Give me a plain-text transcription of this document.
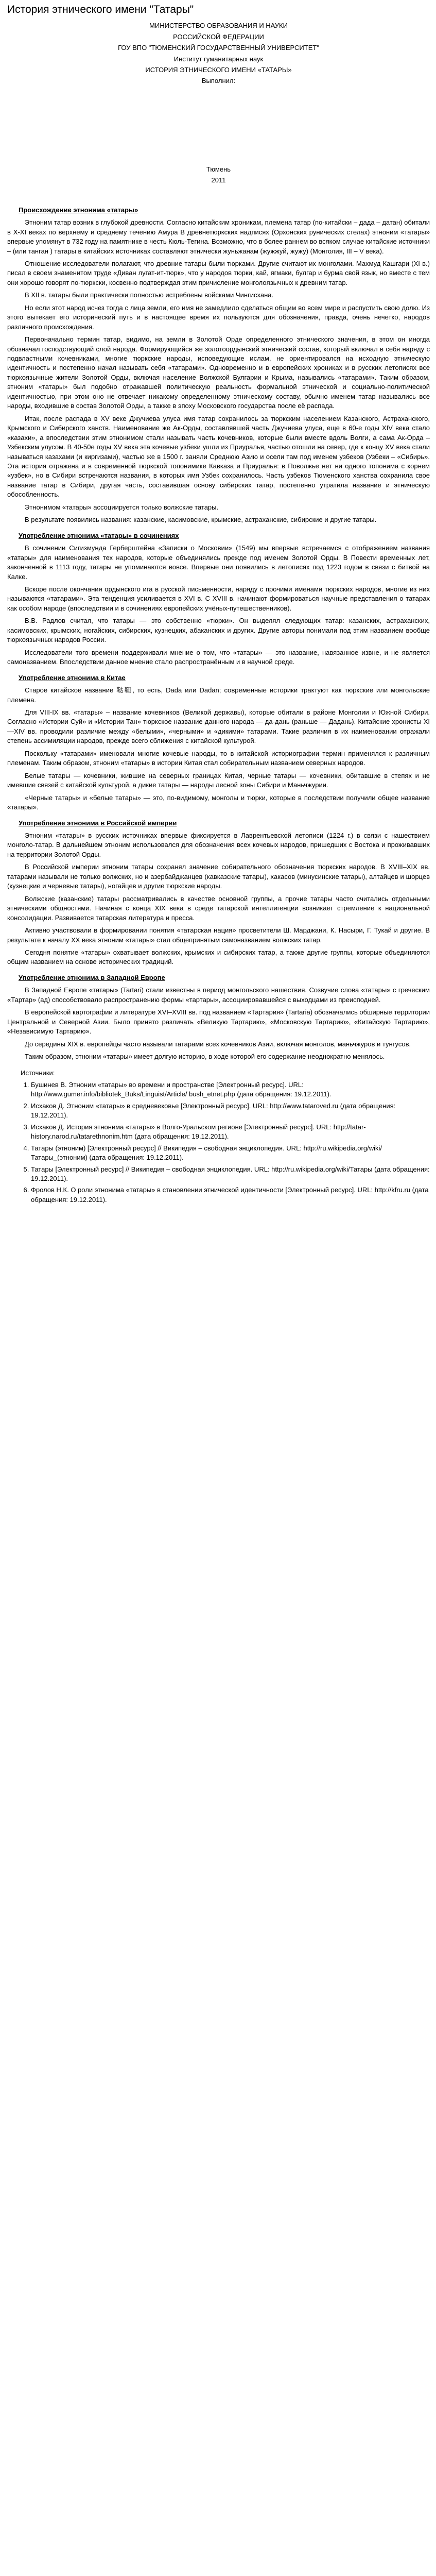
История этнического имени "Татары"
МИНИСТЕРСТВО ОБРАЗОВАНИЯ И НАУКИ
РОССИЙСКОЙ ФЕДЕРАЦИИ
ГОУ ВПО "ТЮМЕНСКИЙ ГОСУДАРСТВЕННЫЙ УНИВЕРСИТЕТ"
Институт гуманитарных наук
ИСТОРИЯ ЭТНИЧЕСКОГО ИМЕНИ «ТАТАРЫ»
Выполнил:
Тюмень
2011
Происхождение этнонима «татары»

Этноним татар возник в глубокой древности. Согласно китайским хроникам, племена татар (по-китайски – дада – датан) обитали в X-XI веках по верхнему и среднему течению Амура В древнетюркских надписях (Орхонских рунических стелах) этноним «татары» впервые упомянут в 732 году на памятнике в честь Кюль-Тегина. Возможно, что в более раннем во всяком случае китайские источники – (или танган ) татары в китайских источниках составляют этнически жуньжанам (жужжуй, жужу) (Монголия, III – V века).

Отношение исследователи полагают, что древние татары были тюрками. Другие считают их монголами. Махмуд Кашгари (XI в.) писал в своем знаменитом труде «Диван лугат-ит-тюрк», что у народов тюрки, кай, ягмаки, булгар и бурма свой язык, но вместе с тем они хорошо говорят по-тюркски, косвенно подтверждая этим причисление монголоязычных к древним татар.

В XII в. татары были практически полностью истреблены войсками Чингисхана.

Но если этот народ исчез тогда с лица земли, его имя не замедлило сделаться общим во всем мире и распустить свою долю. Из этого вытекает его исторический путь и в настоящее время их пользуются для обозначения, правда, очень нечетко, народов различного происхождения.

Первоначально термин татар, видимо, на земли в Золотой Орде определенного этнического значения, в этом он иногда обозначал господствующий слой народа. Формирующийся же золотоордынский этнический состав, который включал в себя наряду с подвластными кочевниками, многие тюркские народы, исповедующие ислам, не ориентировался на исходную этническую идентичность и постепенно начал называть себя «татарами». Одновременно и в европейских хрониках и в русских летописях все тюркоязычные жители Золотой Орды, включая население Волжской Булгарии и Крыма, назывались «татарами». Таким образом, этноним «татары» был подобно отражавшей политическую реальность формальной этнической и социально-политической идентичностью, при этом оно не отвечает никакому определенному этническому составу, обычно именем татар назывались все народы, входившие в состав Золотой Орды, а также в эпоху Московского государства после её распада.

Итак, после распада в XV веке Джучиева улуса имя татар сохранилось за тюркским населением Казанского, Астраханского, Крымского и Сибирского ханств. Наименование же Ак-Орды, составлявшей часть Джучиева улуса, еще в 60-е годы XIV века стало «казахи», а впоследствии этим этнонимом стали называть часть кочевников, которые были вместе вдоль Волги, а сама Ак-Орда – Узбекским улусом. В 40-50е годы XV века эта кочевые узбеки ушли из Приуралья, частью отошли на север, где к концу XV века стали называться казахами (и киргизами), частью же в 1500 г. заняли Среднюю Азию и осели там под именем узбеков (Узбеки – «Сибирь». Эта история отражена и в современной тюркской топонимике Кавказа и Приуралья: в Поволжье нет ни одного топонима с корнем «узбек», но в Сибири встречаются названия, в которых имя Узбек сохранилось. Часть узбеков Тюменского ханства сохранила свое название татар в Сибири, другая часть, составившая основу сибирских татар, постепенно утратила название и этническую обособленность.

Этнонимом «татары» ассоциируется только волжские татары.

В результате появились названия: казанские, касимовские, крымские, астраханские, сибирские и другие татары.

Употребление этнонима «татары» в сочинениях

В сочинении Сигизмунда Герберштейна «Записки о Московии» (1549) мы впервые встречаемся с отображением названия «татары» для наименования тех народов, которые объединялись прежде под именем Золотой Орды. В Повести временных лет, законченной в 1113 году, татары не упоминаются вовсе. Впервые они появились в летописях под 1223 годом в связи с битвой на Калке.

Вскоре после окончания ордынского ига в русской письменности, наряду с прочими именами тюркских народов, многие из них называются «татарами». Эта тенденция усиливается в XVI в. С XVIII в. начинают формироваться научные представления о татарах как особом народе (впоследствии и в сочинениях европейских учёных-путешественников).

В.В. Радлов считал, что татары — это собственно «тюрки». Он выделял следующих татар: казанских, астраханских, касимовских, крымских, ногайских, сибирских, кузнецких, абаканских и других. Другие авторы понимали под этим названием вообще тюркоязычных народов России.

Исследователи того времени поддерживали мнение о том, что «татары» — это название, навязанное извне, и не является самоназванием. Впоследствии данное мнение стало распространённым и в научной среде.

Употребление этнонима в Китае

Старое китайское название 鞑靼, то есть, Dada или Dadan; современные историки трактуют как тюркские или монгольские племена.

Для VIII-IX вв. «татары» – название кочевников (Великой державы), которые обитали в районе Монголии и Южной Сибири. Согласно «Истории Суй» и «Истории Тан» тюркское название данного народа — да-дань (раньше — Дадань). Китайские хронисты XI—XIV вв. проводили различие между «белыми», «черными» и «дикими» татарами. Такие различия в их наименовании отражали степень ассимиляции народов, прежде всего сближения с китайской культурой.

Поскольку «татарами» именовали многие кочевые народы, то в китайской историографии термин применялся к различным племенам. Таким образом, этноним «татары» в истории Китая стал собирательным названием северных народов.

Белые татары — кочевники, жившие на северных границах Китая, черные татары — кочевники, обитавшие в степях и не имевшие связей с китайской культурой, а дикие татары — народы лесной зоны Сибири и Маньчжурии.

«Черные татары» и «белые татары» — это, по-видимому, монголы и тюрки, которые в последствии получили общее название «татары».

Употребление этнонима в Российской империи

Этноним «татары» в русских источниках впервые фиксируется в Лаврентьевской летописи (1224 г.) в связи с нашествием монголо-татар. В дальнейшем этноним использовался для обозначения всех кочевых народов, пришедших с Востока и проживавших на территории Золотой Орды.

В Российской империи этноним татары сохранял значение собирательного обозначения тюркских народов. В XVIII–XIX вв. татарами называли не только волжских, но и азербайджанцев (кавказские татары), хакасов (минусинские татары), алтайцев и шорцев (кузнецкие и черневые татары), ногайцев и другие тюркские народы.

Волжские (казанские) татары рассматривались в качестве основной группы, а прочие татары часто считались отдельными этническими общностями. Начиная с конца XIX века в среде татарской интеллигенции возникает стремление к национальной консолидации. Развивается татарская литература и пресса.

Активно участвовали в формировании понятия «татарская нация» просветители Ш. Марджани, К. Насыри, Г. Тукай и другие. В результате к началу XX века этноним «татары» стал общепринятым самоназванием волжских татар.

Сегодня понятие «татары» охватывает волжских, крымских и сибирских татар, а также другие группы, которые объединяются общим названием на основе исторических традиций.

Употребление этнонима в Западной Европе

В Западной Европе «татары» (Tartari) стали известны в период монгольского нашествия. Созвучие слова «татары» с греческим «Тартар» (ад) способствовало распространению формы «тартары», ассоциировавшейся с выходцами из преисподней.

В европейской картографии и литературе XVI–XVIII вв. под названием «Тартария» (Tartaria) обозначались обширные территории Центральной и Северной Азии. Было принято различать «Великую Тартарию», «Московскую Тартарию», «Китайскую Тартарию», «Независимую Тартарию».

До середины XIX в. европейцы часто называли татарами всех кочевников Азии, включая монголов, маньчжуров и тунгусов.

Таким образом, этноним «татары» имеет долгую историю, в ходе которой его содержание неоднократно менялось.

Источники:
1. Бушинев В. Этноним «татары» во времени и пространстве [Электронный ресурс]. URL: http://www.gumer.info/bibliotek_Buks/Linguist/Article/ bush_etnet.php (дата обращения: 19.12.2011).
2. Исхаков Д. Этноним «татары» в средневековье [Электронный ресурс]. URL: http://www.tataroved.ru (дата обращения: 19.12.2011).
3. Исхаков Д. История этнонима «татары» в Волго-Уральском регионе [Электронный ресурс]. URL: http://tatar-history.narod.ru/tatarethnonim.htm (дата обращения: 19.12.2011).
4. Татары (этноним) [Электронный ресурс] // Википедия – свободная энциклопедия. URL: http://ru.wikipedia.org/wiki/Татары_(этноним) (дата обращения: 19.12.2011).
5. Татары [Электронный ресурс] // Википедия – свободная энциклопедия. URL: http://ru.wikipedia.org/wiki/Татары (дата обращения: 19.12.2011).
6. Фролов Н.К. О роли этнонима «татары» в становлении этнической идентичности [Электронный ресурс]. URL: http://kfru.ru (дата обращения: 19.12.2011).
